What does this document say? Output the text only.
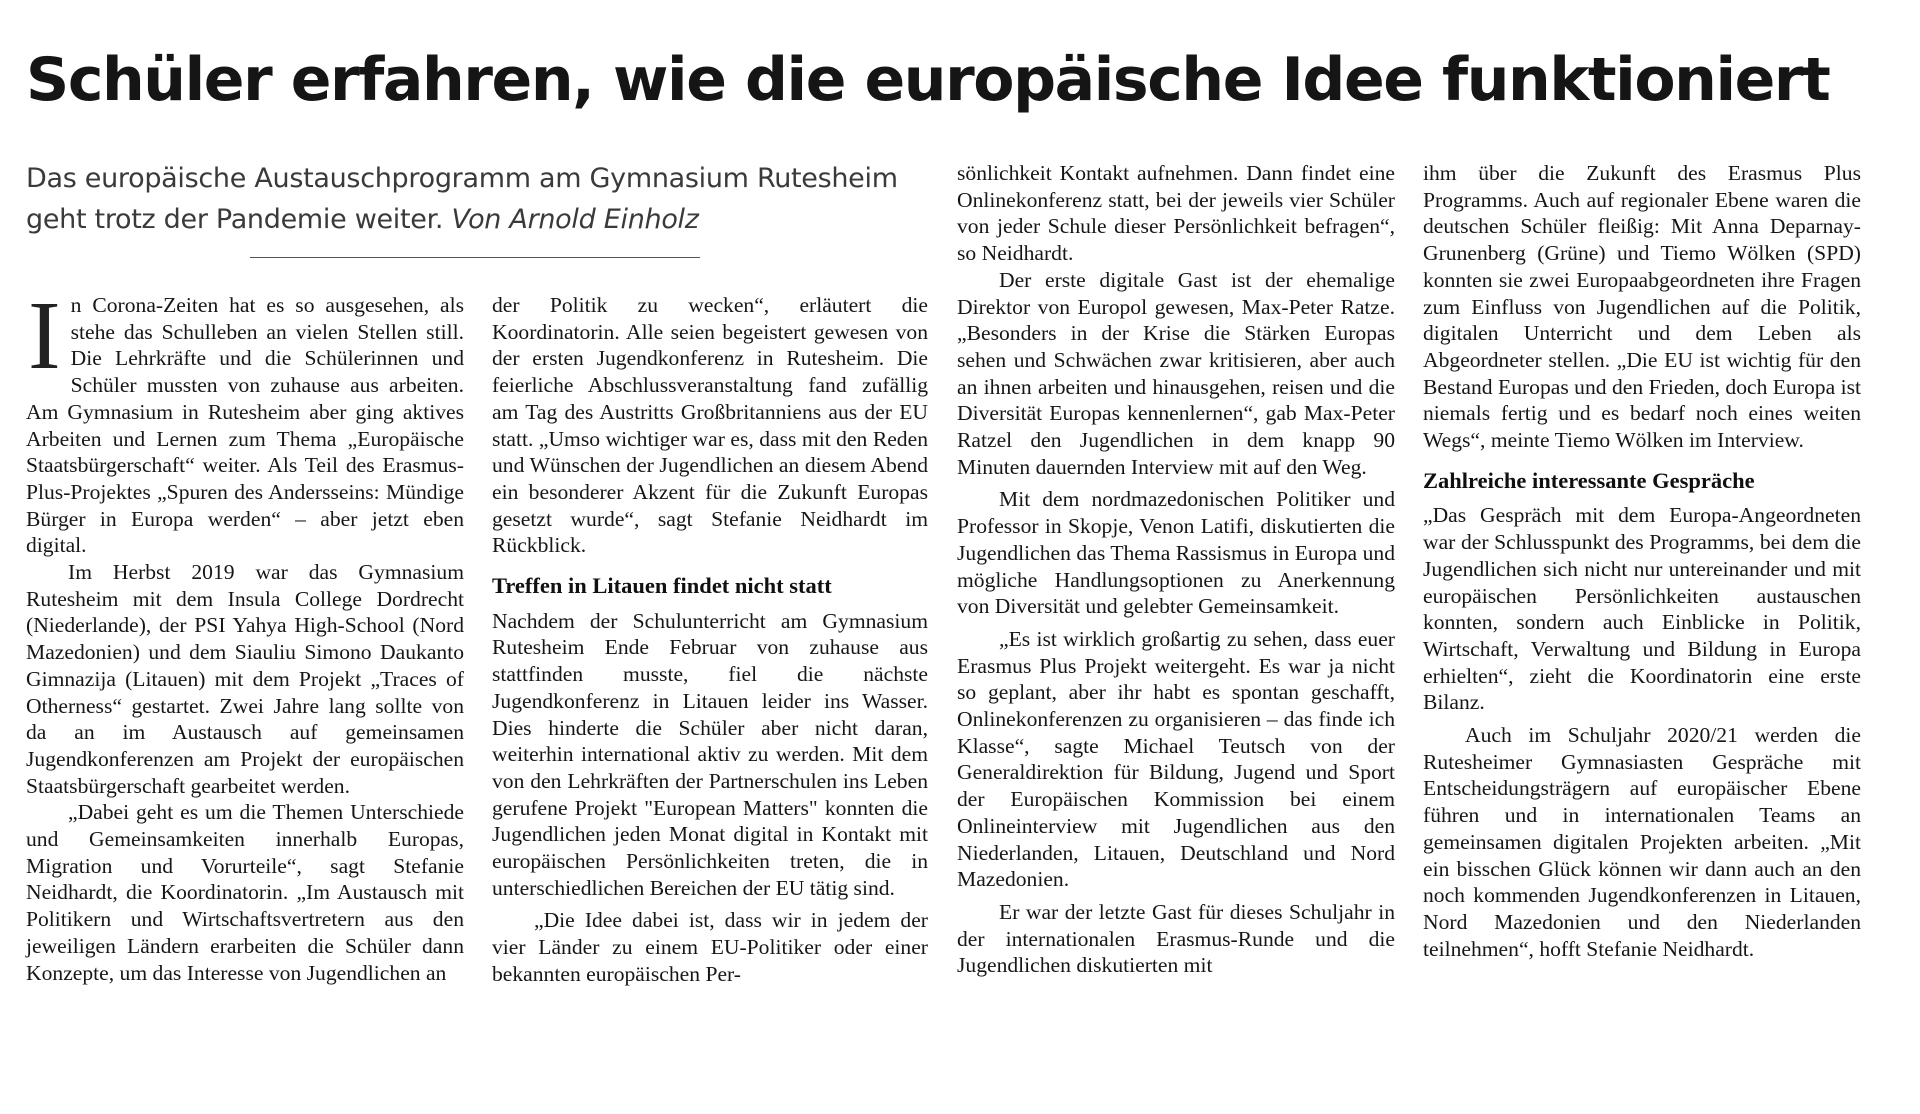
Schüler erfahren, wie die europäische Idee funktioniert

Das europäische Austauschprogramm am Gymnasium Rutesheim geht trotz der Pandemie weiter. Von Arnold Einholz

I n Corona-Zeiten hat es so ausgesehen, als stehe das Schulleben an vielen Stellen still. Die Lehrkräfte und die Schülerinnen und Schüler mussten von zuhause aus arbeiten. Am Gymnasium in Rutesheim aber ging aktives Arbeiten und Lernen zum Thema „Europäische Staatsbürgerschaft“ weiter. Als Teil des Erasmus-Plus-Projektes „Spuren des Andersseins: Mündige Bürger in Europa werden“ – aber jetzt eben digital.

Im Herbst 2019 war das Gymnasium Rutesheim mit dem Insula College Dordrecht (Niederlande), der PSI Yahya High-School (Nord Mazedonien) und dem Siauliu Simono Daukanto Gimnazija (Litauen) mit dem Projekt „Traces of Otherness“ gestartet. Zwei Jahre lang sollte von da an im Austausch auf gemeinsamen Jugendkonferenzen am Projekt der europäischen Staatsbürgerschaft gearbeitet werden.

„Dabei geht es um die Themen Unterschiede und Gemeinsamkeiten innerhalb Europas, Migration und Vorurteile“, sagt Stefanie Neidhardt, die Koordinatorin. „Im Austausch mit Politikern und Wirtschaftsvertretern aus den jeweiligen Ländern erarbeiten die Schüler dann Konzepte, um das Interesse von Jugendlichen an

der Politik zu wecken“, erläutert die Koordinatorin. Alle seien begeistert gewesen von der ersten Jugendkonferenz in Rutesheim. Die feierliche Abschlussveranstaltung fand zufällig am Tag des Austritts Großbritanniens aus der EU statt. „Umso wichtiger war es, dass mit den Reden und Wünschen der Jugendlichen an diesem Abend ein besonderer Akzent für die Zukunft Europas gesetzt wurde“, sagt Stefanie Neidhardt im Rückblick.

Treffen in Litauen findet nicht statt

Nachdem der Schulunterricht am Gymnasium Rutesheim Ende Februar von zuhause aus stattfinden musste, fiel die nächste Jugendkonferenz in Litauen leider ins Wasser. Dies hinderte die Schüler aber nicht daran, weiterhin international aktiv zu werden. Mit dem von den Lehrkräften der Partnerschulen ins Leben gerufene Projekt "European Matters" konnten die Jugendlichen jeden Monat digital in Kontakt mit europäischen Persönlichkeiten treten, die in unterschiedlichen Bereichen der EU tätig sind.

„Die Idee dabei ist, dass wir in jedem der vier Länder zu einem EU-Politiker oder einer bekannten europäischen Per-

sönlichkeit Kontakt aufnehmen. Dann findet eine Onlinekonferenz statt, bei der jeweils vier Schüler von jeder Schule dieser Persönlichkeit befragen“, so Neidhardt.

Der erste digitale Gast ist der ehemalige Direktor von Europol gewesen, Max-Peter Ratze. „Besonders in der Krise die Stärken Europas sehen und Schwächen zwar kritisieren, aber auch an ihnen arbeiten und hinausgehen, reisen und die Diversität Europas kennenlernen“, gab Max-Peter Ratzel den Jugendlichen in dem knapp 90 Minuten dauernden Interview mit auf den Weg.

Mit dem nordmazedonischen Politiker und Professor in Skopje, Venon Latifi, diskutierten die Jugendlichen das Thema Rassismus in Europa und mögliche Handlungsoptionen zu Anerkennung von Diversität und gelebter Gemeinsamkeit.

„Es ist wirklich großartig zu sehen, dass euer Erasmus Plus Projekt weitergeht. Es war ja nicht so geplant, aber ihr habt es spontan geschafft, Onlinekonferenzen zu organisieren – das finde ich Klasse“, sagte Michael Teutsch von der Generaldirektion für Bildung, Jugend und Sport der Europäischen Kommission bei einem Onlineinterview mit Jugendlichen aus den Niederlanden, Litauen, Deutschland und Nord Mazedonien.

Er war der letzte Gast für dieses Schuljahr in der internationalen Erasmus-Runde und die Jugendlichen diskutierten mit

ihm über die Zukunft des Erasmus Plus Programms. Auch auf regionaler Ebene waren die deutschen Schüler fleißig: Mit Anna Deparnay-Grunenberg (Grüne) und Tiemo Wölken (SPD) konnten sie zwei Europaabgeordneten ihre Fragen zum Einfluss von Jugendlichen auf die Politik, digitalen Unterricht und dem Leben als Abgeordneter stellen. „Die EU ist wichtig für den Bestand Europas und den Frieden, doch Europa ist niemals fertig und es bedarf noch eines weiten Wegs“, meinte Tiemo Wölken im Interview.

Zahlreiche interessante Gespräche

„Das Gespräch mit dem Europa-Angeordneten war der Schlusspunkt des Programms, bei dem die Jugendlichen sich nicht nur untereinander und mit europäischen Persönlichkeiten austauschen konnten, sondern auch Einblicke in Politik, Wirtschaft, Verwaltung und Bildung in Europa erhielten“, zieht die Koordinatorin eine erste Bilanz.

Auch im Schuljahr 2020/21 werden die Rutesheimer Gymnasiasten Gespräche mit Entscheidungsträgern auf europäischer Ebene führen und in internationalen Teams an gemeinsamen digitalen Projekten arbeiten. „Mit ein bisschen Glück können wir dann auch an den noch kommenden Jugendkonferenzen in Litauen, Nord Mazedonien und den Niederlanden teilnehmen“, hofft Stefanie Neidhardt.
